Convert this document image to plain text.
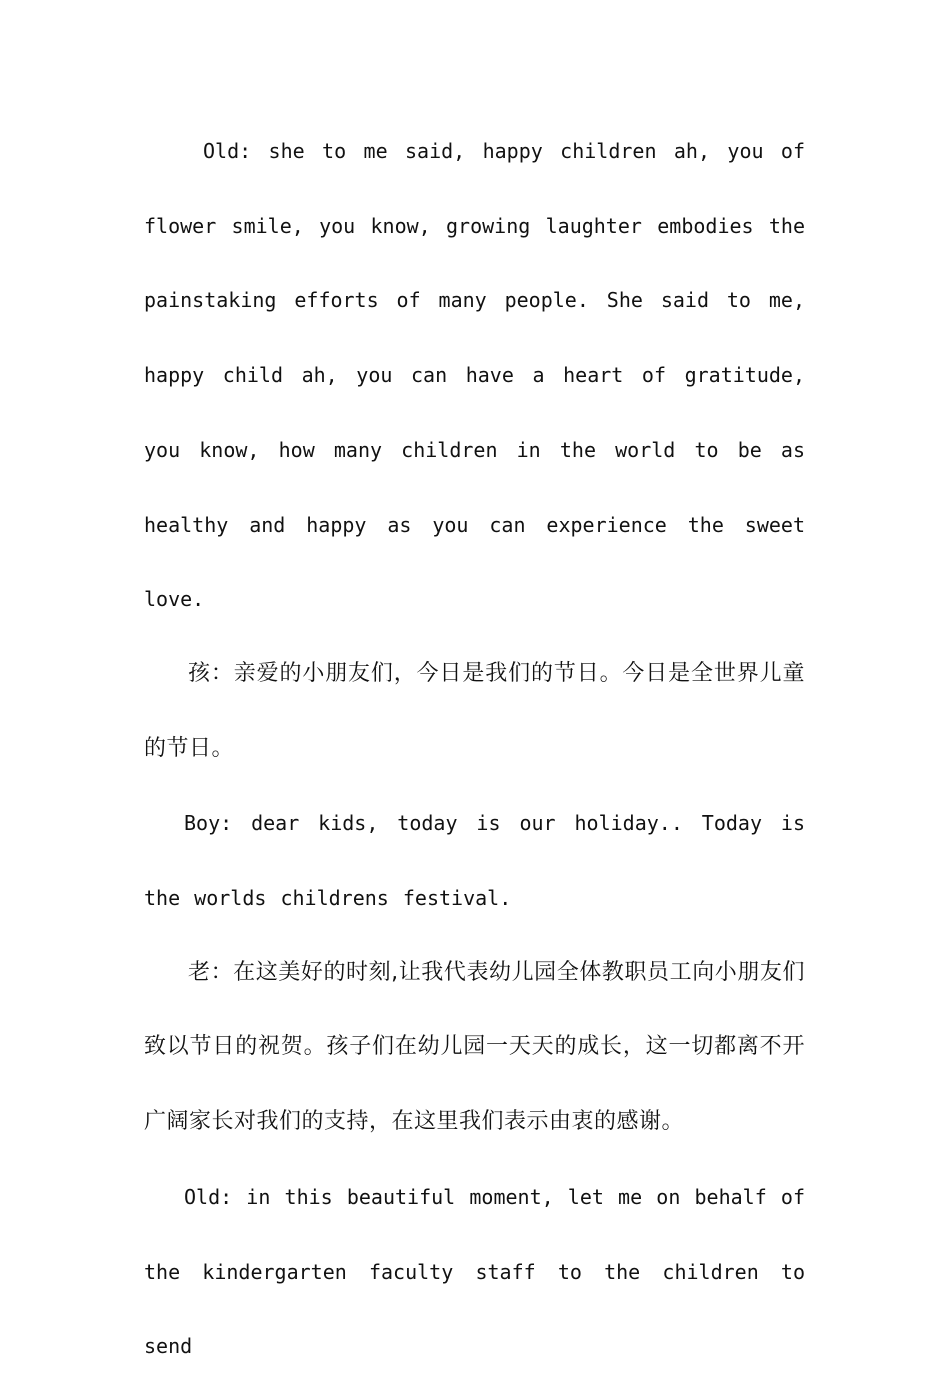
Old: she to me said, happy children ah, you of flower smile, you know, growing laughter embodies the painstaking efforts of many people. She said to me, happy child ah, you can have a heart of gratitude, you know, how many children in the world to be as healthy and happy as you can experience the sweet love.

孩：亲爱的小朋友们，今日是我们的节日。今日是全世界儿童的节日。

Boy: dear kids, today is our holiday.. Today is the worlds childrens festival.

老：在这美好的时刻,让我代表幼儿园全体教职员工向小朋友们致以节日的祝贺。孩子们在幼儿园一天天的成长，这一切都离不开广阔家长对我们的支持，在这里我们表示由衷的感谢。

Old: in this beautiful moment, let me on behalf of the kindergarten faculty staff to the children to send
